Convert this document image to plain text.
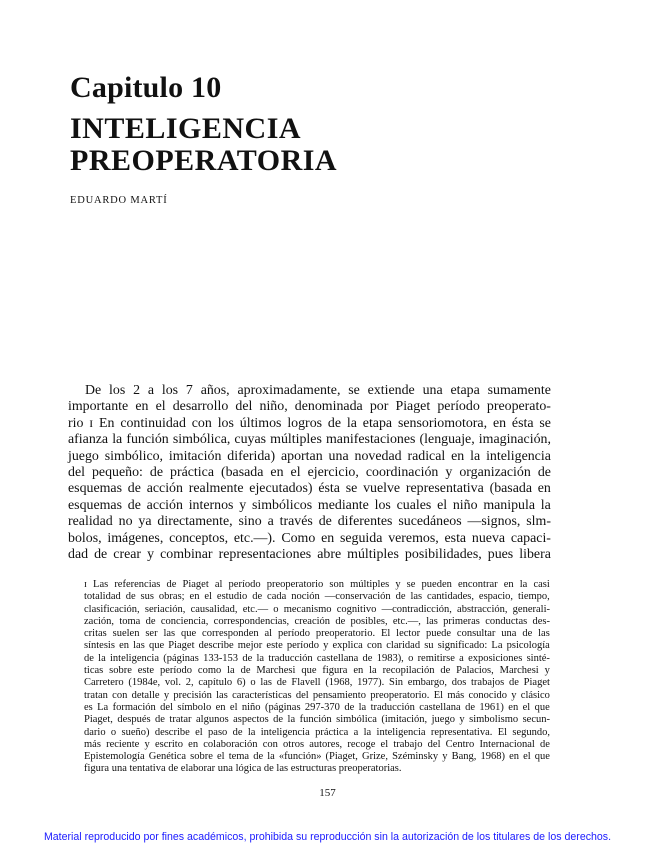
Capitulo 10
INTELIGENCIA
PREOPERATORIA
EDUARDO MARTÍ
De los 2 a los 7 años, aproximadamente, se extiende una etapa sumamente
importante en el desarrollo del niño, denominada por Piaget período preoperato-
rio ɪ En continuidad con los últimos logros de la etapa sensoriomotora, en ésta se
afianza la función simbólica, cuyas múltiples manifestaciones (lenguaje, imaginación,
juego simbólico, imitación diferida) aportan una novedad radical en la inteligencia
del pequeño: de práctica (basada en el ejercicio, coordinación y organización de
esquemas de acción realmente ejecutados) ésta se vuelve representativa (basada en
esquemas de acción internos y simbólicos mediante los cuales el niño manipula la
realidad no ya directamente, sino a través de diferentes sucedáneos —signos, slm-
bolos, imágenes, conceptos, etc.—). Como en seguida veremos, esta nueva capaci-
dad de crear y combinar representaciones abre múltiples posibilidades, pues libera
ɪ Las referencias de Piaget al período preoperatorio son múltiples y se pueden encontrar en la casi
totalidad de sus obras; en el estudio de cada noción —conservación de las cantidades, espacio, tiempo,
clasificación, seriación, causalidad, etc.— o mecanismo cognitivo —contradicción, abstracción, generali-
zación, toma de conciencia, correspondencias, creación de posibles, etc.—, las primeras conductas des-
critas suelen ser las que corresponden al período preoperatorio. El lector puede consultar una de las
síntesis en las que Piaget describe mejor este período y explica con claridad su significado: La psicología
de la inteligencia (páginas 133-153 de la traducción castellana de 1983), o remitirse a exposiciones sinté-
ticas sobre este período como la de Marchesi que figura en la recopilación de Palacios, Marchesi y
Carretero (1984e, vol. 2, capítulo 6) o las de Flavell (1968, 1977). Sin embargo, dos trabajos de Piaget
tratan con detalle y precisión las características del pensamiento preoperatorio. El más conocido y clásico
es La formación del símbolo en el niño (páginas 297-370 de la traducción castellana de 1961) en el que
Piaget, después de tratar algunos aspectos de la función simbólica (imitación, juego y simbolismo secun-
dario o sueño) describe el paso de la inteligencia práctica a la inteligencia representativa. El segundo,
más reciente y escrito en colaboración con otros autores, recoge el trabajo del Centro Internacional de
Epistemología Genética sobre el tema de la «función» (Piaget, Grize, Széminsky y Bang, 1968) en el que
figura una tentativa de elaborar una lógica de las estructuras preoperatorias.
157
Material reproducido por fines académicos, prohibida su reproducción sin la autorización de los titulares de los derechos.
